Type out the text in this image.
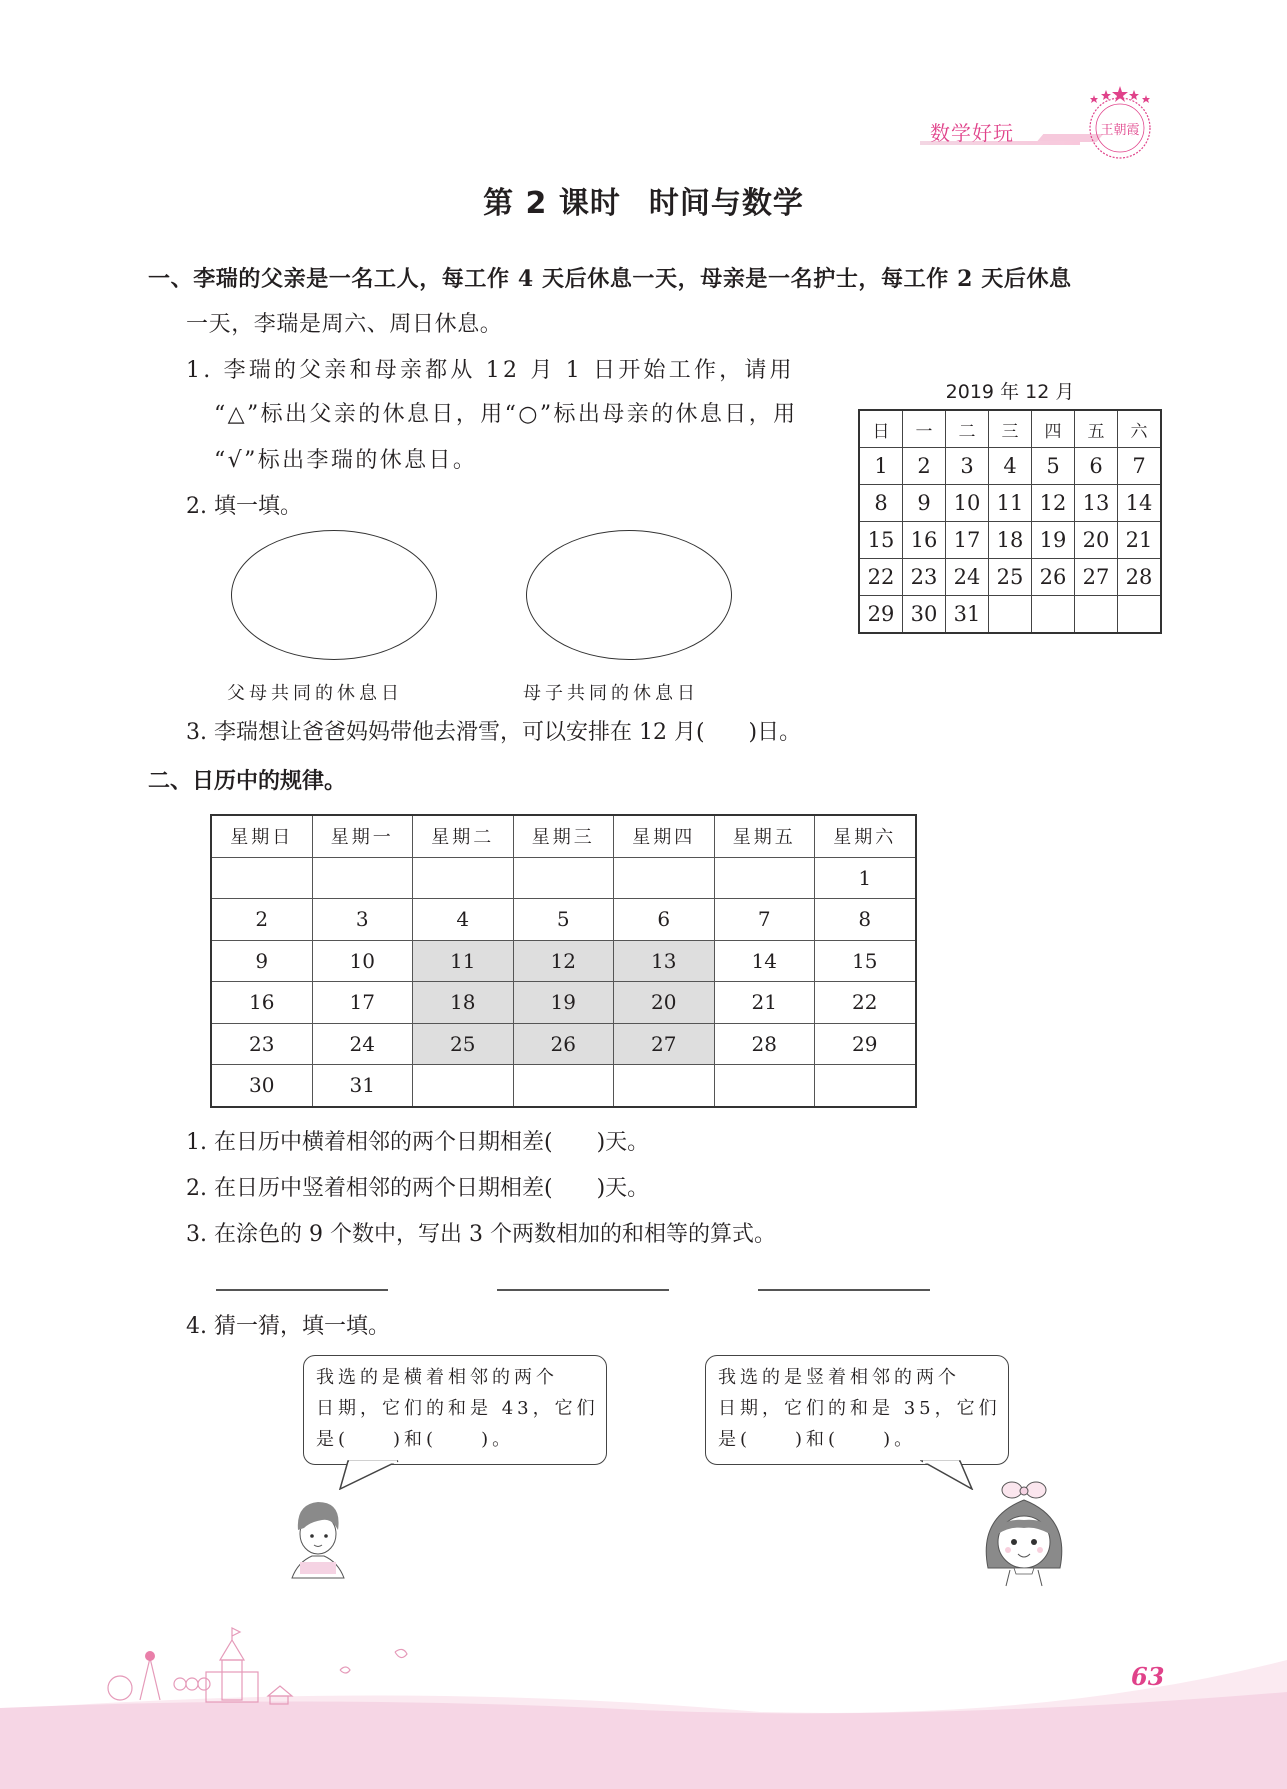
数学好玩	王朝霞
第 2 课时 时间与数学
一、李瑞的父亲是一名工人，每工作 4 天后休息一天，母亲是一名护士，每工作 2 天后休息
一天，李瑞是周六、周日休息。
1. 李瑞的父亲和母亲都从 12 月 1 日开始工作，请用
“△”标出父亲的休息日，用“○”标出母亲的休息日，用
“√”标出李瑞的休息日。
2. 填一填。
父母共同的休息日	母子共同的休息日
3. 李瑞想让爸爸妈妈带他去滑雪，可以安排在 12 月(　　)日。
2019 年 12 月
日	一	二	三	四	五	六
1	2	3	4	5	6	7
8	9	10	11	12	13	14
15	16	17	18	19	20	21
22	23	24	25	26	27	28
29	30	31				
二、日历中的规律。
星期日	星期一	星期二	星期三	星期四	星期五	星期六
						1
2	3	4	5	6	7	8
9	10	11	12	13	14	15
16	17	18	19	20	21	22
23	24	25	26	27	28	29
30	31					
1. 在日历中横着相邻的两个日期相差(　　)天。
2. 在日历中竖着相邻的两个日期相差(　　)天。
3. 在涂色的 9 个数中，写出 3 个两数相加的和相等的算式。
4. 猜一猜，填一填。
我选的是横着相邻的两个
日期，它们的和是 43，它们
是(　　)和(　　)。
我选的是竖着相邻的两个
日期，它们的和是 35，它们
是(　　)和(　　)。
63
